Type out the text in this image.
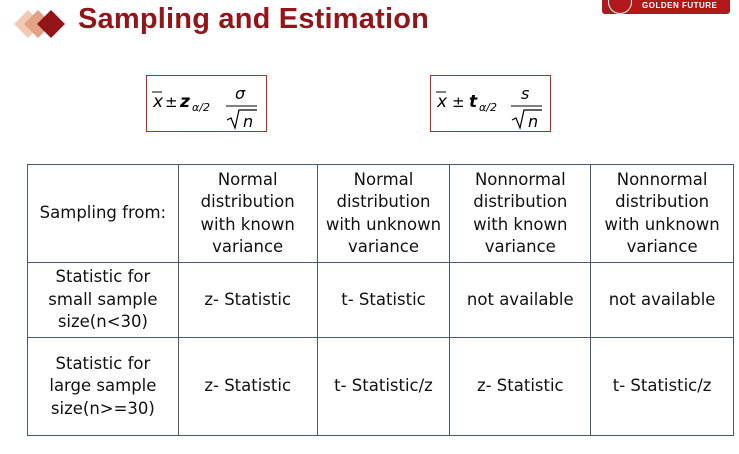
GOLDEN FUTURE
Sampling and Estimation
x ± z α/2
σ
n
x ± t α/2
s
n
Sampling from:	Normal
distribution
with known
variance	Normal
distribution
with unknown
variance	Nonnormal
distribution
with known
variance	Nonnormal
distribution
with unknown
variance
Statistic for
small sample
size(n<30)	z- Statistic	t- Statistic	not available	not available
Statistic for
large sample
size(n>=30)	z- Statistic	t- Statistic/z	z- Statistic	t- Statistic/z
